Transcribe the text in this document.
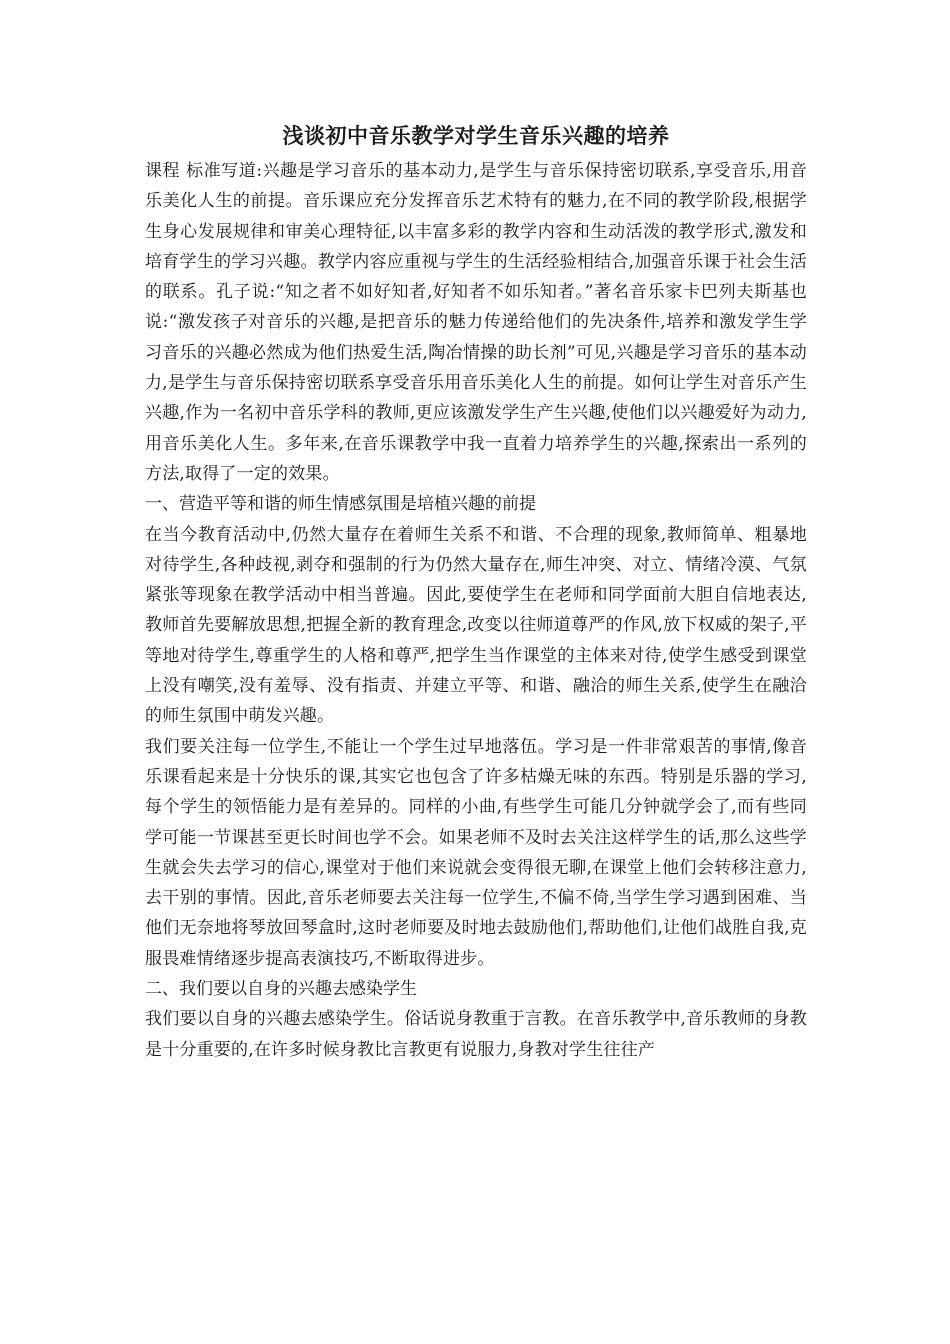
浅谈初中音乐教学对学生音乐兴趣的培养

课程 标准写道:兴趣是学习音乐的基本动力,是学生与音乐保持密切联系,享受音乐,用音乐美化人生的前提。音乐课应充分发挥音乐艺术特有的魅力,在不同的教学阶段,根据学生身心发展规律和审美心理特征,以丰富多彩的教学内容和生动活泼的教学形式,激发和培育学生的学习兴趣。教学内容应重视与学生的生活经验相结合,加强音乐课于社会生活的联系。孔子说:“知之者不如好知者,好知者不如乐知者。”著名音乐家卡巴列夫斯基也说:“激发孩子对音乐的兴趣,是把音乐的魅力传递给他们的先决条件,培养和激发学生学习音乐的兴趣必然成为他们热爱生活,陶冶情操的助长剂”可见,兴趣是学习音乐的基本动力,是学生与音乐保持密切联系享受音乐用音乐美化人生的前提。如何让学生对音乐产生兴趣,作为一名初中音乐学科的教师,更应该激发学生产生兴趣,使他们以兴趣爱好为动力,用音乐美化人生。多年来,在音乐课教学中我一直着力培养学生的兴趣,探索出一系列的方法,取得了一定的效果。

一、营造平等和谐的师生情感氛围是培植兴趣的前提

在当今教育活动中,仍然大量存在着师生关系不和谐、不合理的现象,教师简单、粗暴地对待学生,各种歧视,剥夺和强制的行为仍然大量存在,师生冲突、对立、情绪冷漠、气氛紧张等现象在教学活动中相当普遍。因此,要使学生在老师和同学面前大胆自信地表达,教师首先要解放思想,把握全新的教育理念,改变以往师道尊严的作风,放下权威的架子,平等地对待学生,尊重学生的人格和尊严,把学生当作课堂的主体来对待,使学生感受到课堂上没有嘲笑,没有羞辱、没有指责、并建立平等、和谐、融洽的师生关系,使学生在融洽的师生氛围中萌发兴趣。

我们要关注每一位学生,不能让一个学生过早地落伍。学习是一件非常艰苦的事情,像音乐课看起来是十分快乐的课,其实它也包含了许多枯燥无味的东西。特别是乐器的学习,每个学生的领悟能力是有差异的。同样的小曲,有些学生可能几分钟就学会了,而有些同学可能一节课甚至更长时间也学不会。如果老师不及时去关注这样学生的话,那么这些学生就会失去学习的信心,课堂对于他们来说就会变得很无聊,在课堂上他们会转移注意力,去干别的事情。因此,音乐老师要去关注每一位学生,不偏不倚,当学生学习遇到困难、当他们无奈地将琴放回琴盒时,这时老师要及时地去鼓励他们,帮助他们,让他们战胜自我,克服畏难情绪逐步提高表演技巧,不断取得进步。

二、我们要以自身的兴趣去感染学生

我们要以自身的兴趣去感染学生。俗话说身教重于言教。在音乐教学中,音乐教师的身教是十分重要的,在许多时候身教比言教更有说服力,身教对学生往往产
